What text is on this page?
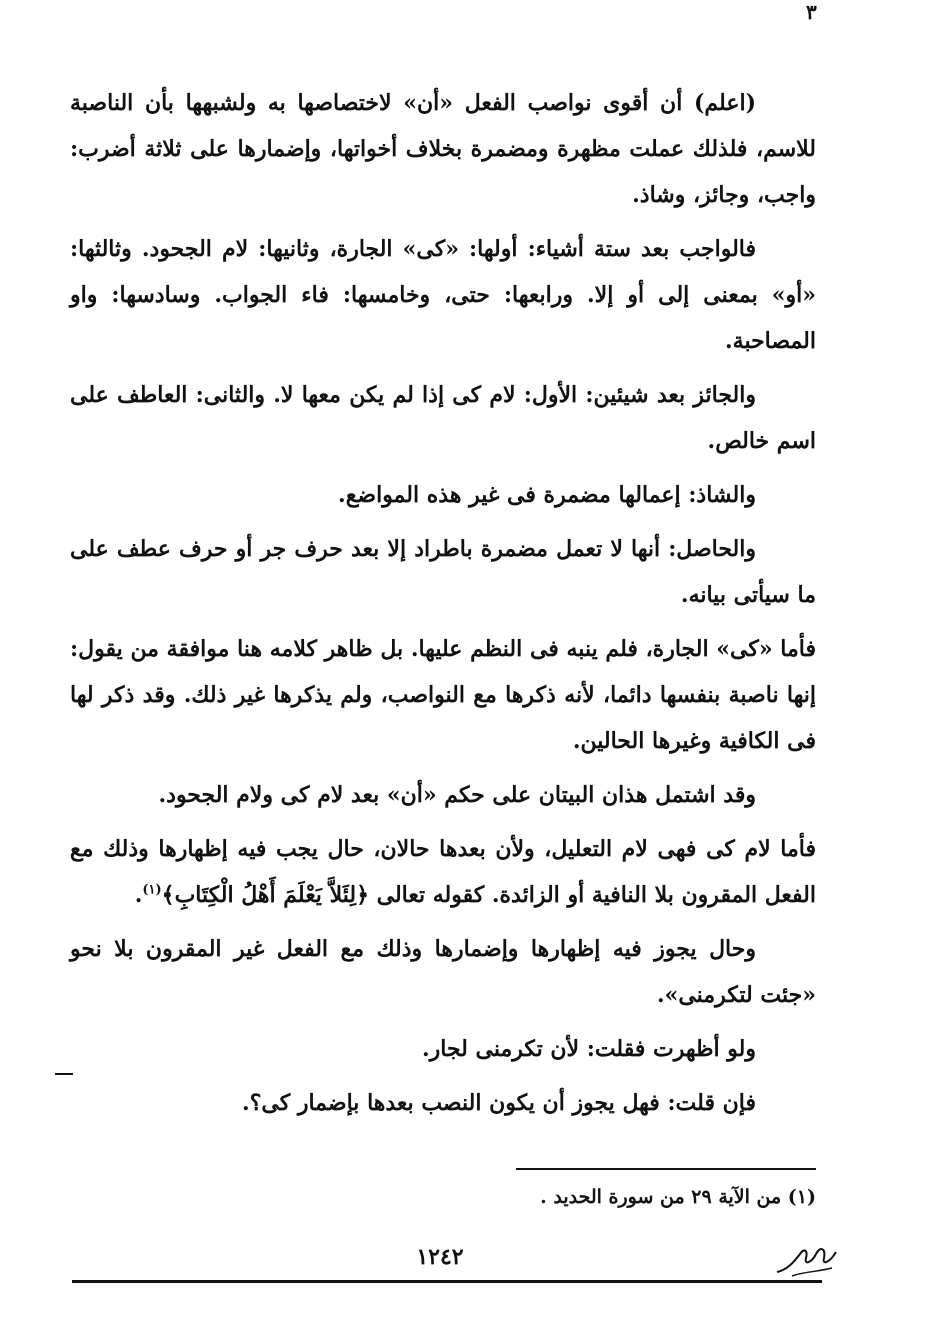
٣

(اعلم) أن أقوى نواصب الفعل «أن» لاختصاصها به ولشبهها بأن الناصبة للاسم، فلذلك عملت مظهرة ومضمرة بخلاف أخواتها، وإضمارها على ثلاثة أضرب: واجب، وجائز، وشاذ.

فالواجب بعد ستة أشياء: أولها: «كى» الجارة، وثانيها: لام الجحود. وثالثها: «أو» بمعنى إلى أو إلا. ورابعها: حتى، وخامسها: فاء الجواب. وسادسها: واو المصاحبة.

والجائز بعد شيئين: الأول: لام كى إذا لم يكن معها لا. والثانى: العاطف على اسم خالص.

والشاذ: إعمالها مضمرة فى غير هذه المواضع.

والحاصل: أنها لا تعمل مضمرة باطراد إلا بعد حرف جر أو حرف عطف على ما سيأتى بيانه.

فأما «كى» الجارة، فلم ينبه فى النظم عليها. بل ظاهر كلامه هنا موافقة من يقول: إنها ناصبة بنفسها دائما، لأنه ذكرها مع النواصب، ولم يذكرها غير ذلك. وقد ذكر لها فى الكافية وغيرها الحالين.

وقد اشتمل هذان البيتان على حكم «أن» بعد لام كى ولام الجحود.

فأما لام كى فهى لام التعليل، ولأن بعدها حالان، حال يجب فيه إظهارها وذلك مع الفعل المقرون بلا النافية أو الزائدة. كقوله تعالى ﴿لِئَلاَّ يَعْلَمَ أَهْلُ الْكِتَابِ﴾$^{(١)}$.

وحال يجوز فيه إظهارها وإضمارها وذلك مع الفعل غير المقرون بلا نحو «جئت لتكرمنى».

ولو أظهرت فقلت: لأن تكرمنى لجار.

فإن قلت: فهل يجوز أن يكون النصب بعدها بإضمار كى؟.

(١) من الآية ٢٩ من سورة الحديد .
١٢٤٢
